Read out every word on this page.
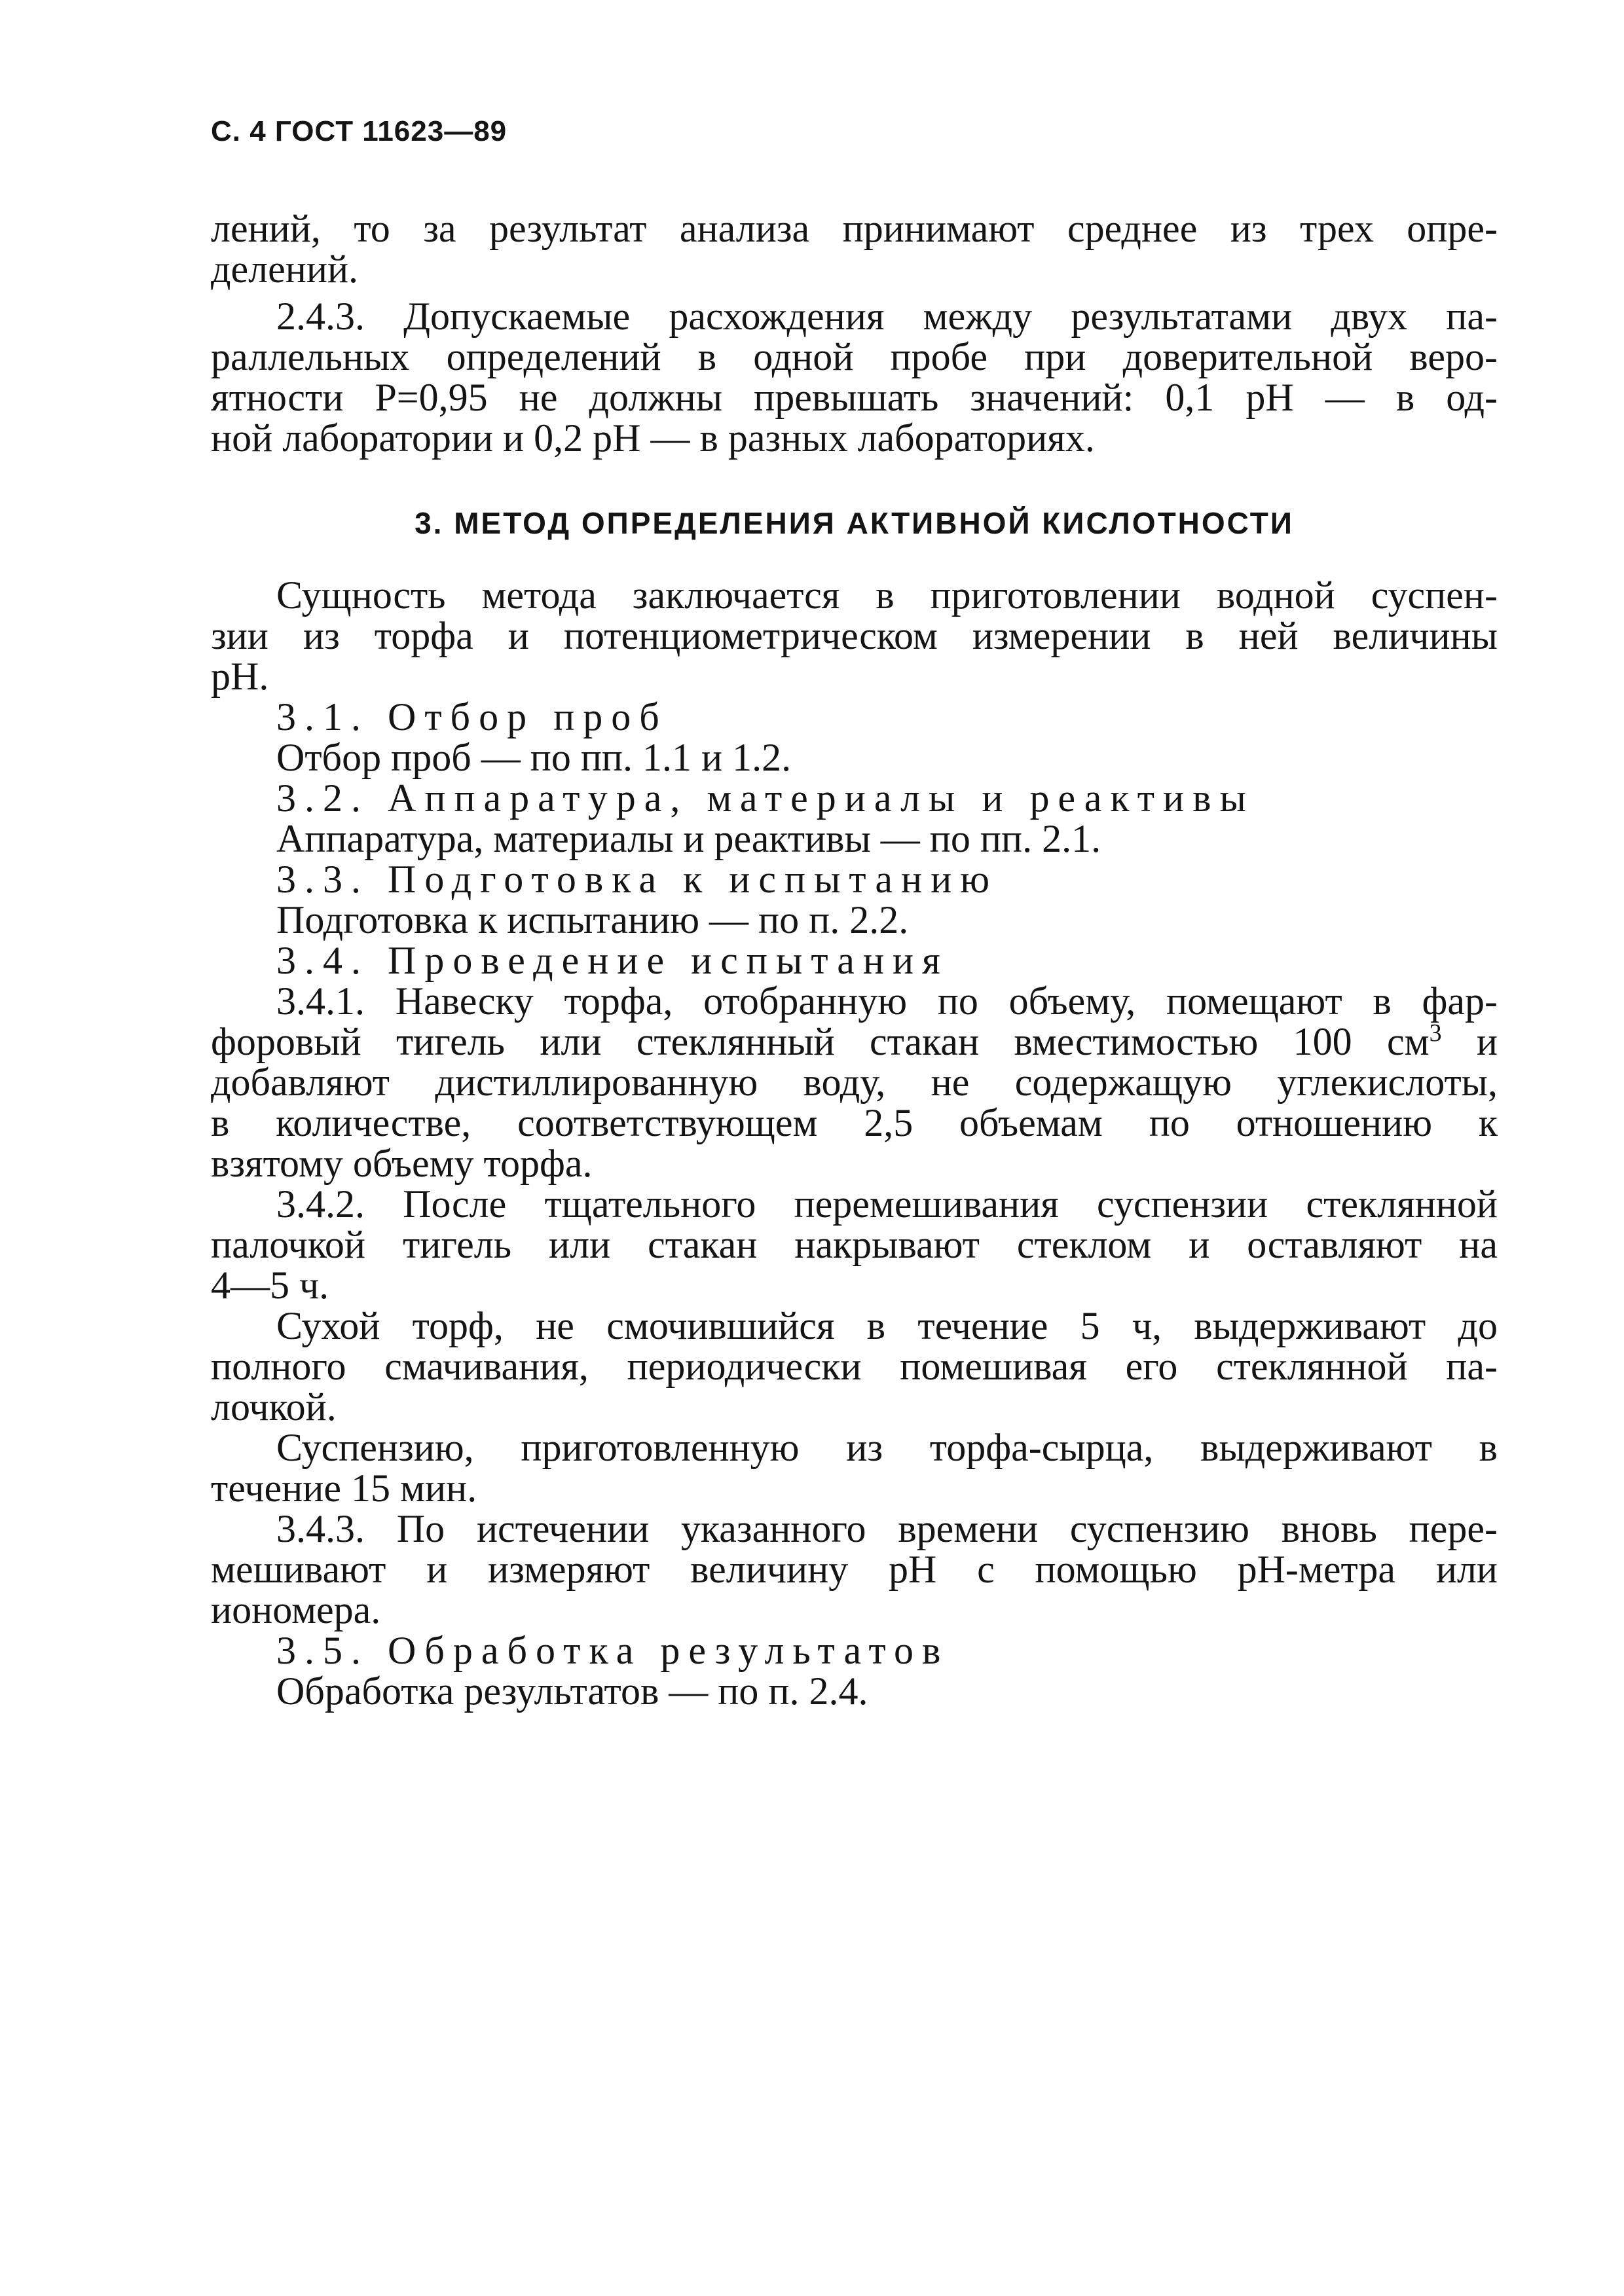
С. 4 ГОСТ 11623—89
лений, то за результат анализа принимают среднее из трех опре-
делений.
2.4.3. Допускаемые расхождения между результатами двух па-
раллельных определений в одной пробе при доверительной веро-
ятности P=0,95 не должны превышать значений: 0,1 pH — в од-
ной лаборатории и 0,2 pH — в разных лабораториях.
3. МЕТОД ОПРЕДЕЛЕНИЯ АКТИВНОЙ КИСЛОТНОСТИ
Сущность метода заключается в приготовлении водной суспен-
зии из торфа и потенциометрическом измерении в ней величины
pH.
3.1. Отбор проб
Отбор проб — по пп. 1.1 и 1.2.
3.2. Аппаратура, материалы и реактивы
Аппаратура, материалы и реактивы — по пп. 2.1.
3.3. Подготовка к испытанию
Подготовка к испытанию — по п. 2.2.
3.4. Проведение испытания
3.4.1. Навеску торфа, отобранную по объему, помещают в фар-
форовый тигель или стеклянный стакан вместимостью 100 $см^3$ и
добавляют дистиллированную воду, не содержащую углекислоты,
в количестве, соответствующем 2,5 объемам по отношению к
взятому объему торфа.
3.4.2. После тщательного перемешивания суспензии стеклянной
палочкой тигель или стакан накрывают стеклом и оставляют на
4—5 ч.
Сухой торф, не смочившийся в течение 5 ч, выдерживают до
полного смачивания, периодически помешивая его стеклянной па-
лочкой.
Суспензию, приготовленную из торфа-сырца, выдерживают в
течение 15 мин.
3.4.3. По истечении указанного времени суспензию вновь пере-
мешивают и измеряют величину pH с помощью pH-метра или
иономера.
3.5. Обработка результатов
Обработка результатов — по п. 2.4.
